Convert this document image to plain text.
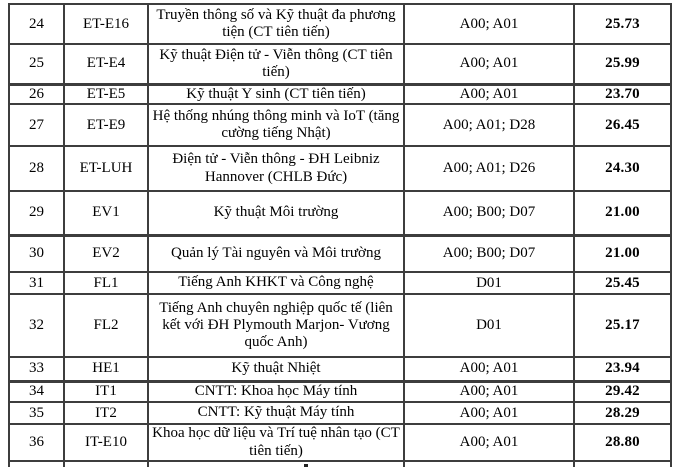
24	ET-E16	Truyền thông số và Kỹ thuật đa phương tiện (CT tiên tiến)	A00; A01	25.73
25	ET-E4	Kỹ thuật Điện tử - Viễn thông (CT tiên tiến)	A00; A01	25.99
26	ET-E5	Kỹ thuật Y sinh (CT tiên tiến)	A00; A01	23.70
27	ET-E9	Hệ thống nhúng thông minh và IoT (tăng cường tiếng Nhật)	A00; A01; D28	26.45
28	ET-LUH	Điện tử - Viễn thông - ĐH Leibniz Hannover (CHLB Đức)	A00; A01; D26	24.30
29	EV1	Kỹ thuật Môi trường	A00; B00; D07	21.00
30	EV2	Quản lý Tài nguyên và Môi trường	A00; B00; D07	21.00
31	FL1	Tiếng Anh KHKT và Công nghệ	D01	25.45
32	FL2	Tiếng Anh chuyên nghiệp quốc tế (liên kết với ĐH Plymouth Marjon- Vương quốc Anh)	D01	25.17
33	HE1	Kỹ thuật Nhiệt	A00; A01	23.94
34	IT1	CNTT: Khoa học Máy tính	A00; A01	29.42
35	IT2	CNTT: Kỹ thuật Máy tính	A00; A01	28.29
36	IT-E10	Khoa học dữ liệu và Trí tuệ nhân tạo (CT tiên tiến)	A00; A01	28.80
